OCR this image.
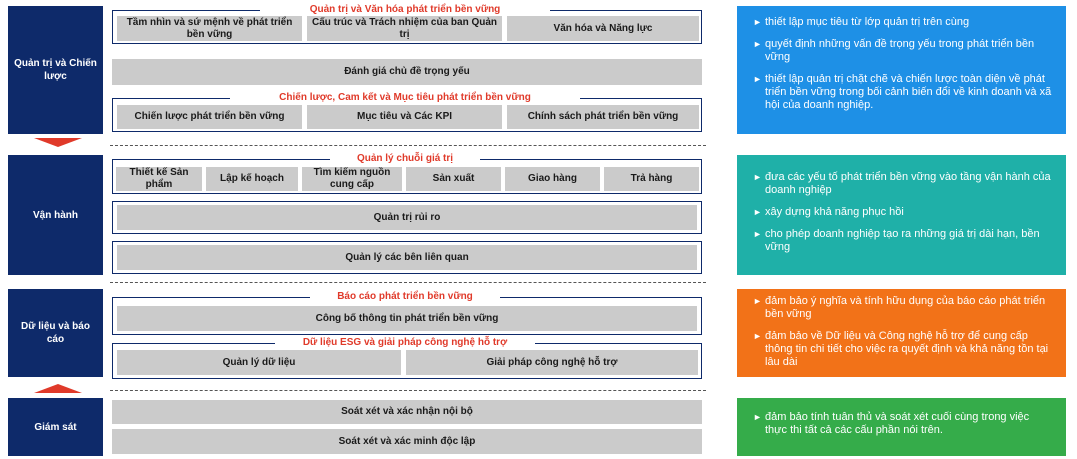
Quản trị và Chiến lược
Vận hành
Dữ liệu và báo cáo
Giám sát
Quản trị và Văn hóa phát triển bền vững
Tầm nhìn và sứ mệnh về phát triển bền vững
Cấu trúc và Trách nhiệm của ban Quản trị
Văn hóa và Năng lực
Đánh giá chủ đề trọng yếu
Chiến lược, Cam kết và Mục tiêu phát triển bền vững
Chiến lược phát triển bền vững	Mục tiêu và Các KPI	Chính sách phát triển bền vững
Quản lý chuỗi giá trị
Thiết kế Sản phẩm
Lập kế hoạch
Tìm kiếm nguồn cung cấp
Sản xuất	Giao hàng	Trả hàng
Quản trị rủi ro
Quản lý các bên liên quan
Báo cáo phát triển bền vững
Công bố thông tin phát triển bền vững
Dữ liệu ESG và giải pháp công nghệ hỗ trợ
Quản lý dữ liệu	Giải pháp công nghệ hỗ trợ
Soát xét và xác nhận nội bộ
Soát xét và xác minh độc lập
► thiết lập mục tiêu từ lớp quản trị trên cùng
► quyết định những vấn đề trọng yếu trong phát triển bền vững
► thiết lập quản trị chặt chẽ và chiến lược toàn diện về phát triển bền vững trong bối cảnh biến đổi về kinh doanh và xã hội của doanh nghiệp.
► đưa các yếu tố phát triển bền vững vào tầng vận hành của doanh nghiệp
► xây dựng khả năng phục hồi
► cho phép doanh nghiệp tạo ra những giá trị dài hạn, bền vững
► đảm bảo ý nghĩa và tính hữu dụng của báo cáo phát triển bền vững
► đảm bảo về Dữ liệu và Công nghệ hỗ trợ để cung cấp thông tin chi tiết cho việc ra quyết định và khả năng tồn tại lâu dài
► đảm bảo tính tuân thủ và soát xét cuối cùng trong việc thực thi tất cả các cấu phần nói trên.
